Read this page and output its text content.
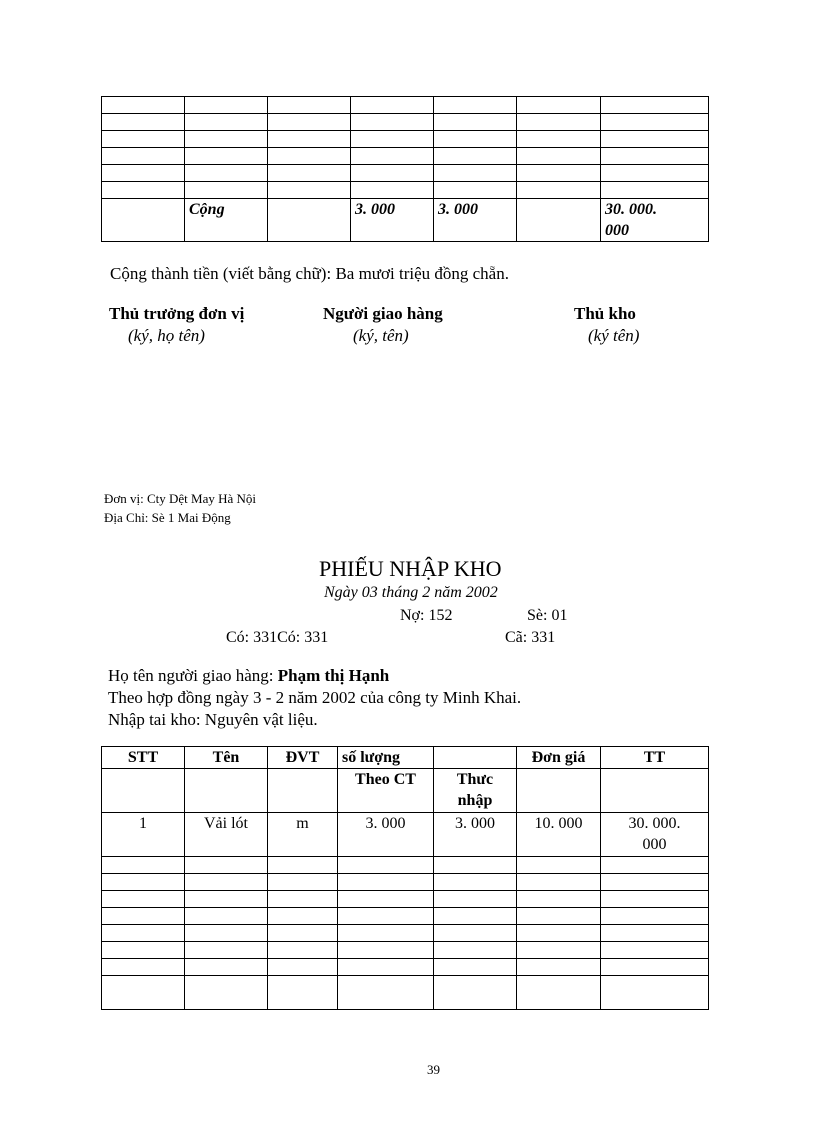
	Cộng		3. 000	3. 000		30. 000.
000
Cộng thành tiền (viết bằng chữ): Ba mươi triệu đồng chẵn.
Thủ trưởng đơn vị
(ký, họ tên)
Người giao hàng
(ký, tên)
Thủ kho
(ký tên)
Đơn vị: Cty Dệt May Hà Nội
Địa Chỉ: Sè 1 Mai Động
PHIẾU NHẬP KHO
Ngày 03 tháng 2 năm 2002
Nợ: 152	Sè: 01
Có: 331Có: 331	Cã: 331
Họ tên người giao hàng: Phạm thị Hạnh
Theo hợp đồng ngày 3 - 2 năm 2002 của công ty Minh Khai.
Nhập tai kho: Nguyên vật liệu.
STT	Tên	ĐVT	số lượng		Đơn giá	TT
			Theo CT	Thưc
nhập		

1	Vải lót	m	3. 000	3. 000	10. 000	30. 000.
000

39
